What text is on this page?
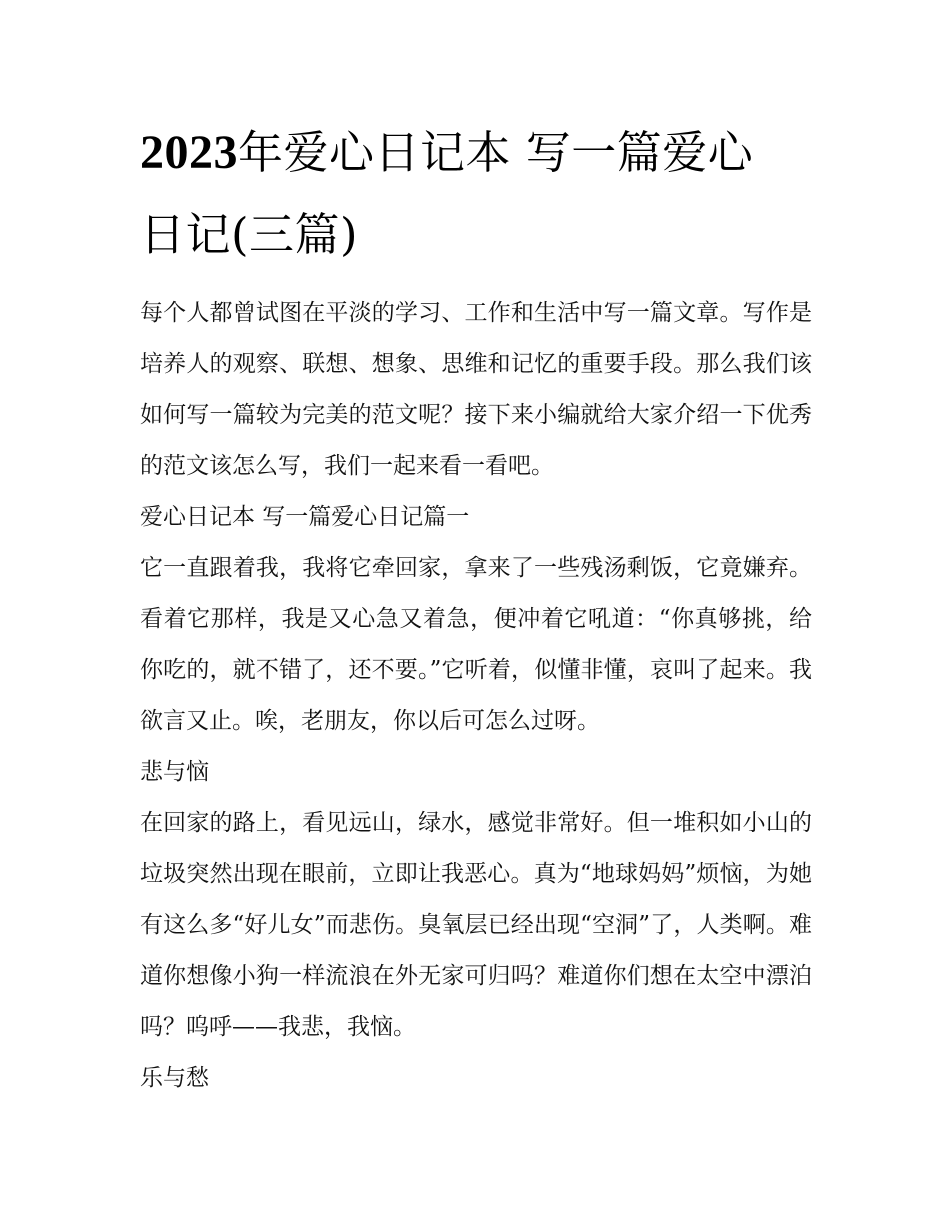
2023年爱心日记本 写一篇爱心日记(三篇)

每个人都曾试图在平淡的学习、工作和生活中写一篇文章。写作是培养人的观察、联想、想象、思维和记忆的重要手段。那么我们该如何写一篇较为完美的范文呢？接下来小编就给大家介绍一下优秀的范文该怎么写，我们一起来看一看吧。

爱心日记本 写一篇爱心日记篇一

它一直跟着我，我将它牵回家，拿来了一些残汤剩饭，它竟嫌弃。看着它那样，我是又心急又着急，便冲着它吼道：“你真够挑，给你吃的，就不错了，还不要。”它听着，似懂非懂，哀叫了起来。我欲言又止。唉，老朋友，你以后可怎么过呀。

悲与恼

在回家的路上，看见远山，绿水，感觉非常好。但一堆积如小山的垃圾突然出现在眼前，立即让我恶心。真为“地球妈妈”烦恼，为她有这么多“好儿女”而悲伤。臭氧层已经出现“空洞”了，人类啊。难道你想像小狗一样流浪在外无家可归吗？难道你们想在太空中漂泊吗？呜呼——我悲，我恼。

乐与愁
